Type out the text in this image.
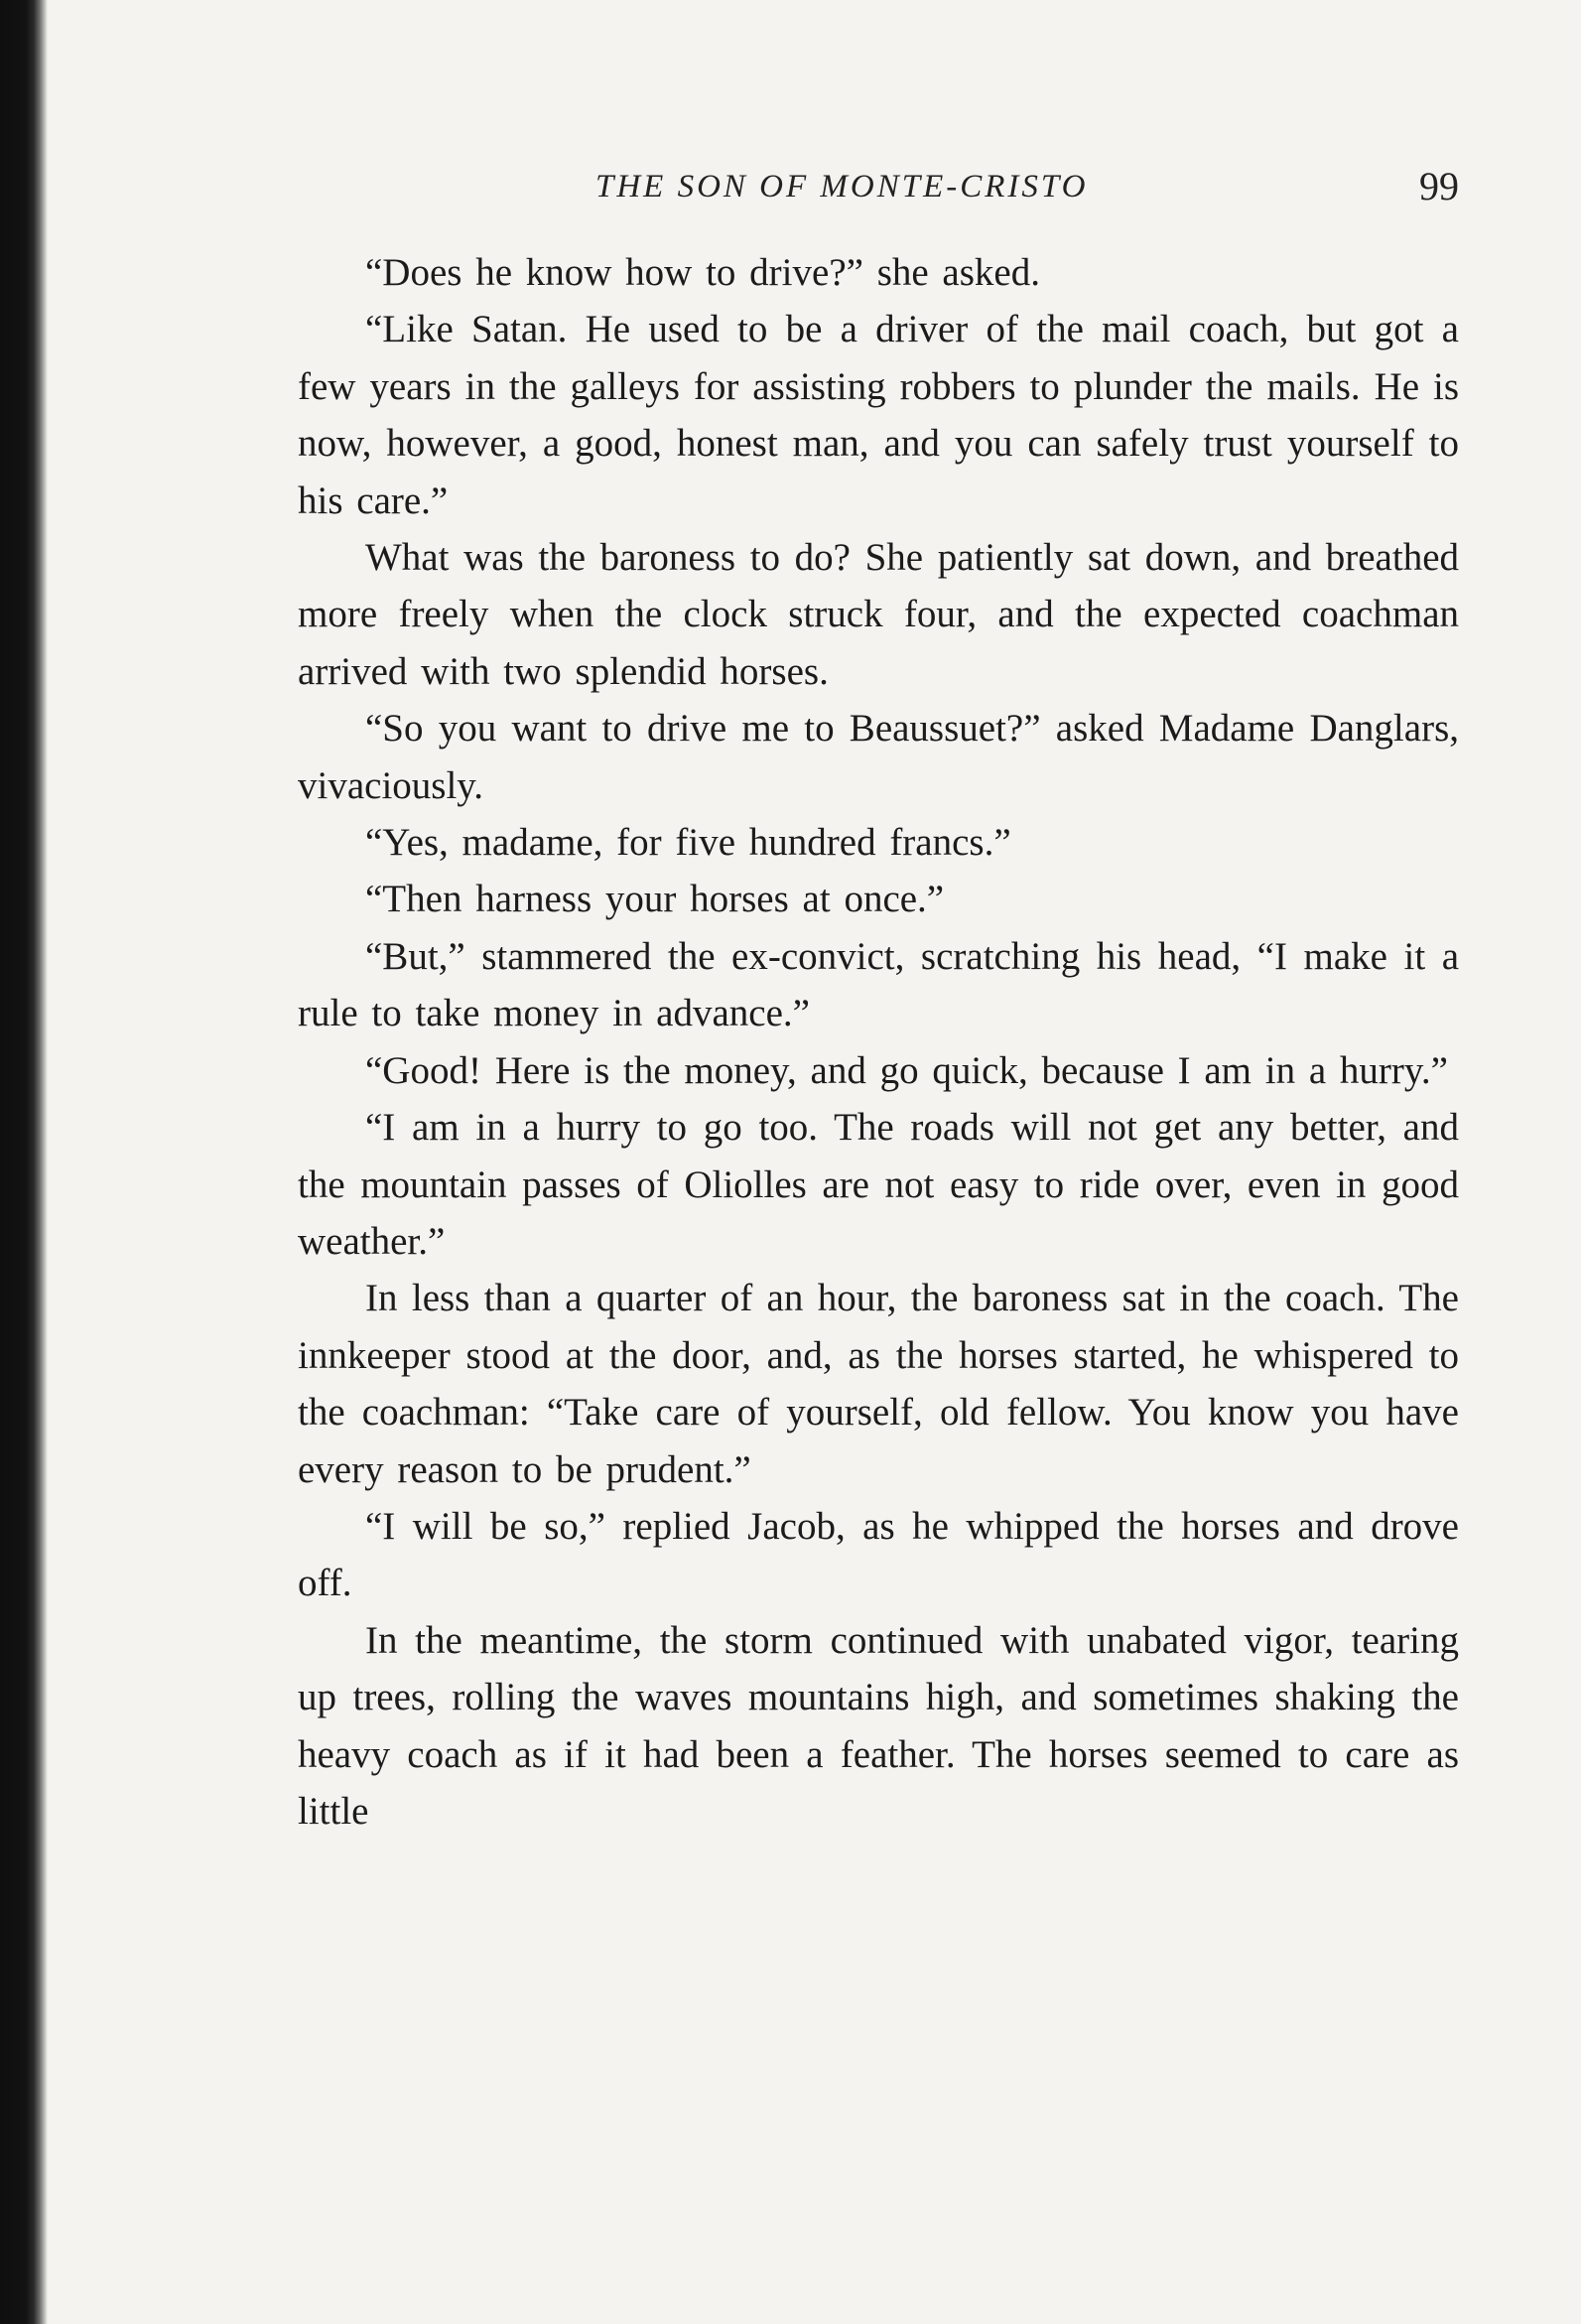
THE SON OF MONTE-CRISTO	99

“Does he know how to drive?” she asked.

“Like Satan. He used to be a driver of the mail coach, but got a few years in the galleys for assisting robbers to plunder the mails. He is now, however, a good, honest man, and you can safely trust yourself to his care.”

What was the baroness to do? She patiently sat down, and breathed more freely when the clock struck four, and the expected coachman arrived with two splendid horses.

“So you want to drive me to Beaussuet?” asked Madame Danglars, vivaciously.

“Yes, madame, for five hundred francs.”

“Then harness your horses at once.”

“But,” stammered the ex-convict, scratching his head, “I make it a rule to take money in advance.”

“Good! Here is the money, and go quick, because I am in a hurry.”

“I am in a hurry to go too. The roads will not get any better, and the mountain passes of Oliolles are not easy to ride over, even in good weather.”

In less than a quarter of an hour, the baroness sat in the coach. The innkeeper stood at the door, and, as the horses started, he whispered to the coachman: “Take care of yourself, old fellow. You know you have every reason to be prudent.”

“I will be so,” replied Jacob, as he whipped the horses and drove off.

In the meantime, the storm continued with unabated vigor, tearing up trees, rolling the waves mountains high, and sometimes shaking the heavy coach as if it had been a feather. The horses seemed to care as little
